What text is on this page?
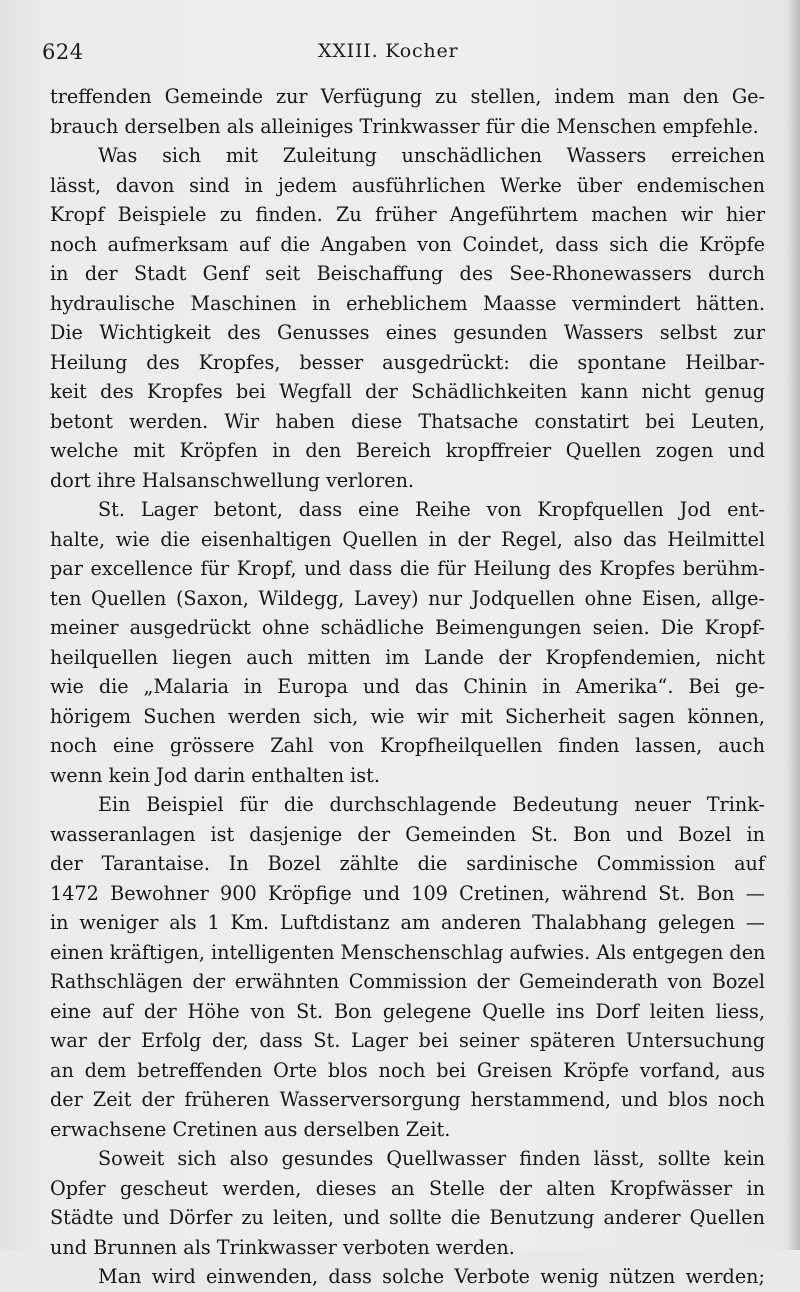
624	XXIII. Kocher
treffenden Gemeinde zur Verfügung zu stellen, indem man den Ge-
brauch derselben als alleiniges Trinkwasser für die Menschen empfehle.
Was sich mit Zuleitung unschädlichen Wassers erreichen
lässt, davon sind in jedem ausführlichen Werke über endemischen
Kropf Beispiele zu finden. Zu früher Angeführtem machen wir hier
noch aufmerksam auf die Angaben von Coindet, dass sich die Kröpfe
in der Stadt Genf seit Beischaffung des See-Rhonewassers durch
hydraulische Maschinen in erheblichem Maasse vermindert hätten.
Die Wichtigkeit des Genusses eines gesunden Wassers selbst zur
Heilung des Kropfes, besser ausgedrückt: die spontane Heilbar-
keit des Kropfes bei Wegfall der Schädlichkeiten kann nicht genug
betont werden. Wir haben diese Thatsache constatirt bei Leuten,
welche mit Kröpfen in den Bereich kropffreier Quellen zogen und
dort ihre Halsanschwellung verloren.
St. Lager betont, dass eine Reihe von Kropfquellen Jod ent-
halte, wie die eisenhaltigen Quellen in der Regel, also das Heilmittel
par excellence für Kropf, und dass die für Heilung des Kropfes berühm-
ten Quellen (Saxon, Wildegg, Lavey) nur Jodquellen ohne Eisen, allge-
meiner ausgedrückt ohne schädliche Beimengungen seien. Die Kropf-
heilquellen liegen auch mitten im Lande der Kropfendemien, nicht
wie die „Malaria in Europa und das Chinin in Amerika“. Bei ge-
hörigem Suchen werden sich, wie wir mit Sicherheit sagen können,
noch eine grössere Zahl von Kropfheilquellen finden lassen, auch
wenn kein Jod darin enthalten ist.
Ein Beispiel für die durchschlagende Bedeutung neuer Trink-
wasseranlagen ist dasjenige der Gemeinden St. Bon und Bozel in
der Tarantaise. In Bozel zählte die sardinische Commission auf
1472 Bewohner 900 Kröpfige und 109 Cretinen, während St. Bon —
in weniger als 1 Km. Luftdistanz am anderen Thalabhang gelegen —
einen kräftigen, intelligenten Menschenschlag aufwies. Als entgegen den
Rathschlägen der erwähnten Commission der Gemeinderath von Bozel
eine auf der Höhe von St. Bon gelegene Quelle ins Dorf leiten liess,
war der Erfolg der, dass St. Lager bei seiner späteren Untersuchung
an dem betreffenden Orte blos noch bei Greisen Kröpfe vorfand, aus
der Zeit der früheren Wasserversorgung herstammend, und blos noch
erwachsene Cretinen aus derselben Zeit.
Soweit sich also gesundes Quellwasser finden lässt, sollte kein
Opfer gescheut werden, dieses an Stelle der alten Kropfwässer in
Städte und Dörfer zu leiten, und sollte die Benutzung anderer Quellen
und Brunnen als Trinkwasser verboten werden.
Man wird einwenden, dass solche Verbote wenig nützen werden;
